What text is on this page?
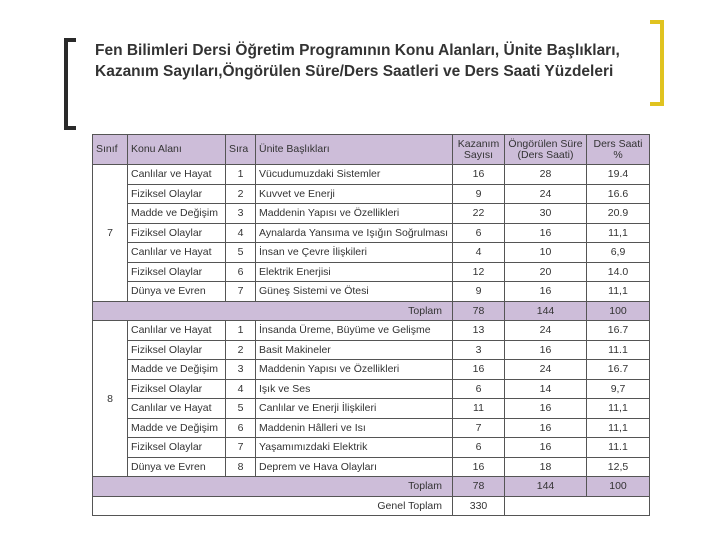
Fen Bilimleri Dersi Öğretim Programının Konu Alanları, Ünite Başlıkları, Kazanım Sayıları,Öngörülen Süre/Ders Saatleri ve Ders Saati Yüzdeleri
Sınıf	Konu Alanı	Sıra	Ünite Başlıkları	Kazanım Sayısı	Öngörülen Süre (Ders Saati)	Ders Saati %
7	Canlılar ve Hayat	1	Vücudumuzdaki Sistemler	16	28	19.4
	Fiziksel Olaylar	2	Kuvvet ve Enerji	9	24	16.6
	Madde ve Değişim	3	Maddenin Yapısı ve Özellikleri	22	30	20.9
	Fiziksel Olaylar	4	Aynalarda Yansıma ve Işığın Soğrulması	6	16	11,1
	Canlılar ve Hayat	5	İnsan ve Çevre İlişkileri	4	10	6,9
	Fiziksel Olaylar	6	Elektrik Enerjisi	12	20	14.0
	Dünya ve Evren	7	Güneş Sistemi ve Ötesi	9	16	11,1
Toplam				78	144	100
8	Canlılar ve Hayat	1	İnsanda Üreme, Büyüme ve Gelişme	13	24	16.7
	Fiziksel Olaylar	2	Basit Makineler	3	16	11.1
	Madde ve Değişim	3	Maddenin Yapısı ve Özellikleri	16	24	16.7
	Fiziksel Olaylar	4	Işık ve Ses	6	14	9,7
	Canlılar ve Hayat	5	Canlılar ve Enerji İlişkileri	11	16	11,1
	Madde ve Değişim	6	Maddenin Hâlleri ve Isı	7	16	11,1
	Fiziksel Olaylar	7	Yaşamımızdaki Elektrik	6	16	11.1
	Dünya ve Evren	8	Deprem ve Hava Olayları	16	18	12,5
Toplam				78	144	100
Genel Toplam				330		
